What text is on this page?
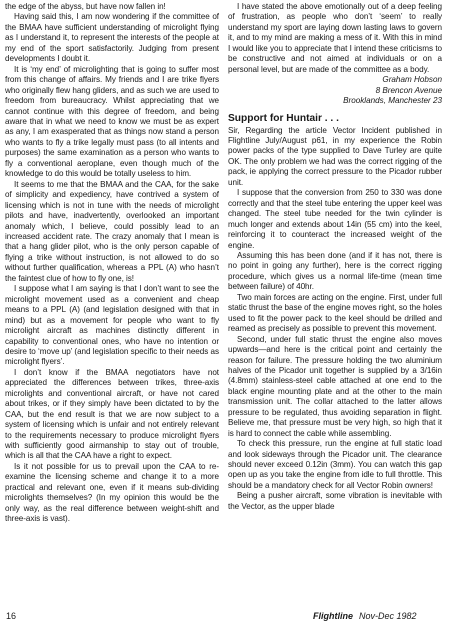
the edge of the abyss, but have now fallen in!

Having said this, I am now wondering if the committee of the BMAA have sufficient understanding of microlight flying as I understand it, to represent the interests of the people at my end of the sport satisfactorily. Judging from present developments I doubt it.

It is ‘my end’ of microlighting that is going to suffer most from this change of affairs. My friends and I are trike flyers who originally flew hang gliders, and as such we are used to freedom from bureaucracy. Whilst appreciating that we cannot continue with this degree of freedom, and being aware that in what we need to know we must be as expert as any, I am exasperated that as things now stand a person who wants to fly a trike legally must pass (to all intents and purposes) the same examination as a person who wants to fly a conventional aeroplane, even though much of the knowledge to do this would be totally useless to him.

It seems to me that the BMAA and the CAA, for the sake of simplicity and expediency, have contrived a system of licensing which is not in tune with the needs of microlight pilots and have, inadvertently, overlooked an important anomaly which, I believe, could possibly lead to an increased accident rate. The crazy anomaly that I mean is that a hang glider pilot, who is the only person capable of flying a trike without instruction, is not allowed to do so without further qualification, whereas a PPL (A) who hasn’t the faintest clue of how to fly one, is!

I suppose what I am saying is that I don’t want to see the microlight movement used as a convenient and cheap means to a PPL (A) (and legislation designed with that in mind) but as a movement for people who want to fly microlight aircraft as machines distinctly different in capability to conventional ones, who have no intention or desire to ‘move up’ (and legislation specific to their needs as microlight flyers’.

I don’t know if the BMAA negotiators have not appreciated the differences between trikes, three-axis microlights and conventional aircraft, or have not cared about trikes, or if they simply have been dictated to by the CAA, but the end result is that we are now subject to a system of licensing which is unfair and not entirely relevant to the requirements necessary to produce microlight flyers with sufficiently good airmanship to stay out of trouble, which is all that the CAA have a right to expect.

Is it not possible for us to prevail upon the CAA to re-examine the licensing scheme and change it to a more practical and relevant one, even if it means sub-dividing microlights themselves? (In my opinion this would be the only way, as the real difference between weight-shift and three-axis is vast).

I have stated the above emotionally out of a deep feeling of frustration, as people who don’t ‘seem’ to really understand my sport are laying down lasting laws to govern it, and to my mind are making a mess of it. With this in mind I would like you to appreciate that I intend these criticisms to be constructive and not aimed at individuals or on a personal level, but are made of the committee as a body.

Graham Hobson
8 Brencon Avenue
Brooklands, Manchester 23
Support for Huntair . . .

Sir, Regarding the article Vector Incident published in Flightline July/August p61, in my experience the Robin power packs of the type supplied to Dave Turley are quite OK. The only problem we had was the correct rigging of the pack, ie applying the correct pressure to the Picador rubber unit.

I suppose that the conversion from 250 to 330 was done correctly and that the steel tube entering the upper keel was changed. The steel tube needed for the twin cylinder is much longer and extends about 14in (55 cm) into the keel, reinforcing it to counteract the increased weight of the engine.

Assuming this has been done (and if it has not, there is no point in going any further), here is the correct rigging procedure, which gives us a normal life-time (mean time between failure) of 40hr.

Two main forces are acting on the engine. First, under full static thrust the base of the engine moves right, so the holes used to fit the power pack to the keel should be drilled and reamed as precisely as possible to prevent this movement.

Second, under full static thrust the engine also moves upwards—and here is the critical point and certainly the reason for failure. The pressure holding the two aluminium halves of the Picador unit together is supplied by a 3/16in (4.8mm) stainless-steel cable attached at one end to the black engine mounting plate and at the other to the main transmission unit. The collar attached to the latter allows pressure to be regulated, thus avoiding separation in flight. Believe me, that pressure must be very high, so high that it is hard to connect the cable while assembling.

To check this pressure, run the engine at full static load and look sideways through the Picador unit. The clearance should never exceed 0.12in (3mm). You can watch this gap open up as you take the engine from idle to full throttle. This should be a mandatory check for all Vector Robin owners!

Being a pusher aircraft, some vibration is inevitable with the Vector, as the upper blade

16	Flightline Nov-Dec 1982
